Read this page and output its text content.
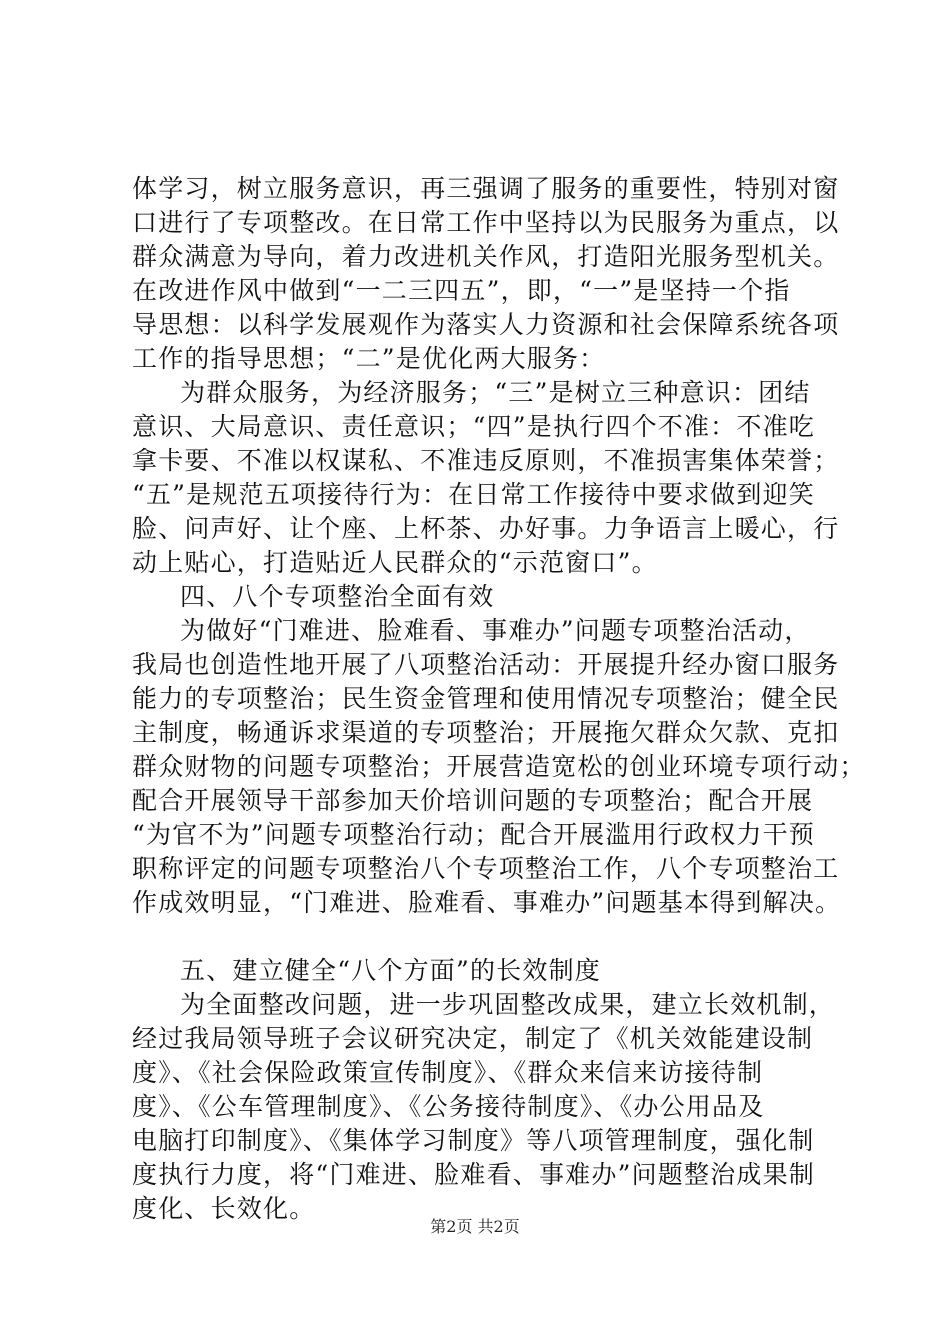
体学习，树立服务意识，再三强调了服务的重要性，特别对窗
口进行了专项整改。在日常工作中坚持以为民服务为重点，以
群众满意为导向，着力改进机关作风，打造阳光服务型机关。
在改进作风中做到“一二三四五”，即，“一”是坚持一个指
导思想：以科学发展观作为落实人力资源和社会保障系统各项
工作的指导思想；“二”是优化两大服务：
为群众服务，为经济服务；“三”是树立三种意识：团结
意识、大局意识、责任意识；“四”是执行四个不准：不准吃
拿卡要、不准以权谋私、不准违反原则，不准损害集体荣誉；
“五”是规范五项接待行为：在日常工作接待中要求做到迎笑
脸、问声好、让个座、上杯茶、办好事。力争语言上暖心，行
动上贴心，打造贴近人民群众的“示范窗口”。
四、八个专项整治全面有效
为做好“门难进、脸难看、事难办”问题专项整治活动，
我局也创造性地开展了八项整治活动：开展提升经办窗口服务
能力的专项整治；民生资金管理和使用情况专项整治；健全民
主制度，畅通诉求渠道的专项整治；开展拖欠群众欠款、克扣
群众财物的问题专项整治；开展营造宽松的创业环境专项行动；
配合开展领导干部参加天价培训问题的专项整治；配合开展
“为官不为”问题专项整治行动；配合开展滥用行政权力干预
职称评定的问题专项整治八个专项整治工作，八个专项整治工
作成效明显，“门难进、脸难看、事难办”问题基本得到解决。
五、建立健全“八个方面”的长效制度
为全面整改问题，进一步巩固整改成果，建立长效机制，
经过我局领导班子会议研究决定，制定了《机关效能建设制
度》、《社会保险政策宣传制度》、《群众来信来访接待制
度》、《公车管理制度》、《公务接待制度》、《办公用品及
电脑打印制度》、《集体学习制度》等八项管理制度，强化制
度执行力度，将“门难进、脸难看、事难办”问题整治成果制
度化、长效化。
第2页 共2页
